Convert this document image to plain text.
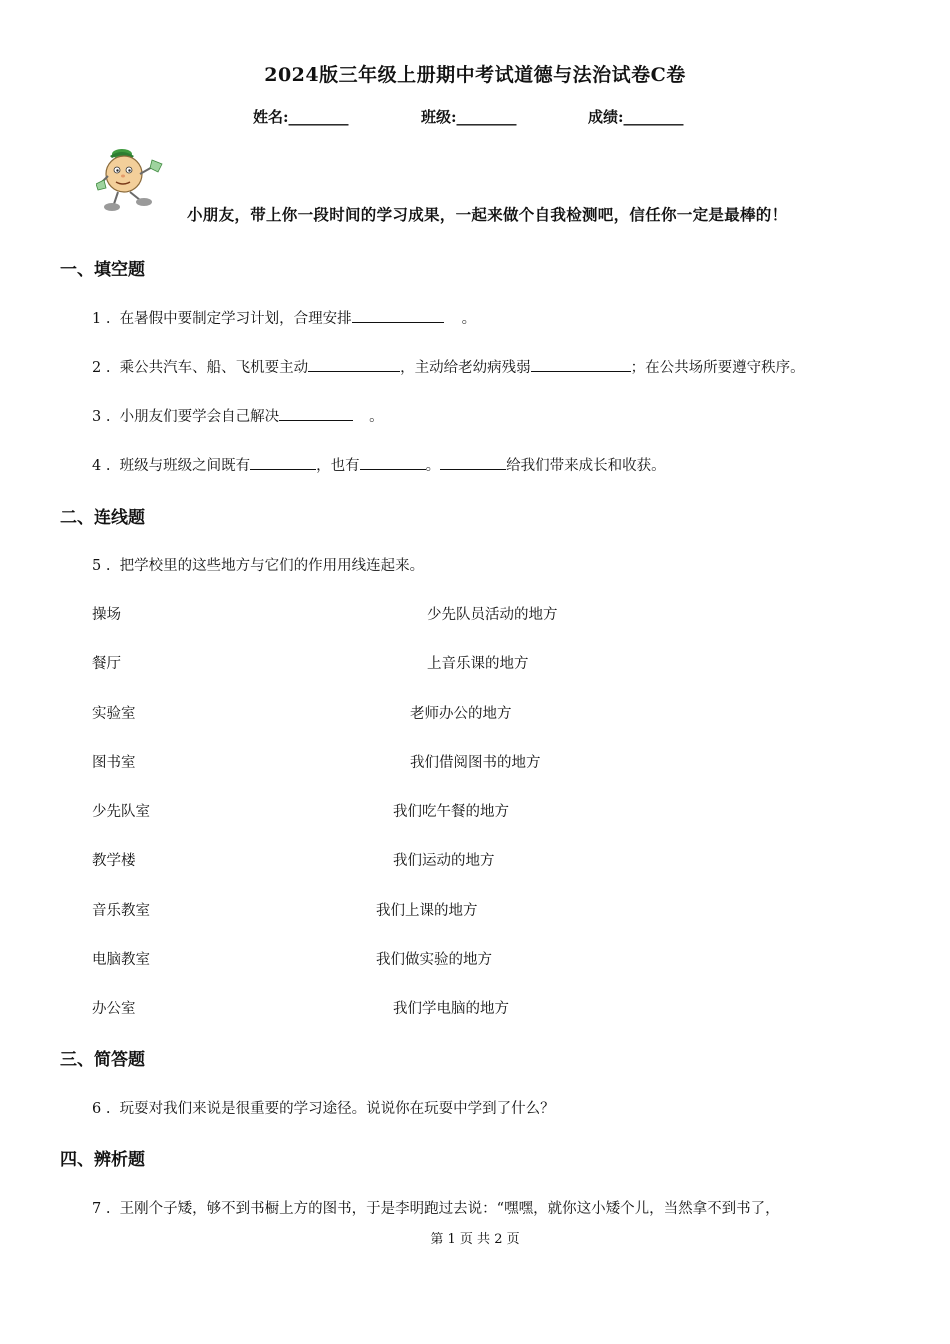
2024版三年级上册期中考试道德与法治试卷C卷
姓名:________	班级:________	成绩:________
小朋友，带上你一段时间的学习成果，一起来做个自我检测吧，信任你一定是最棒的！
一、填空题
1 . 在暑假中要制定学习计划，合理安排	。
2 . 乘公共汽车、船、飞机要主动	，主动给老幼病残弱	；在公共场所要遵守秩序。
3 . 小朋友们要学会自己解决	。
4 . 班级与班级之间既有	，也有	。	给我们带来成长和收获。
二、连线题
5 . 把学校里的这些地方与它们的作用用线连起来。
操场	少先队员活动的地方
餐厅	上音乐课的地方
实验室	老师办公的地方
图书室	我们借阅图书的地方
少先队室	我们吃午餐的地方
教学楼	我们运动的地方
音乐教室	我们上课的地方
电脑教室	我们做实验的地方
办公室	我们学电脑的地方
三、简答题
6 . 玩耍对我们来说是很重要的学习途径。说说你在玩耍中学到了什么？
四、辨析题
7 . 王刚个子矮，够不到书橱上方的图书，于是李明跑过去说：“嘿嘿，就你这小矮个儿，当然拿不到书了，
第 1 页 共 2 页
